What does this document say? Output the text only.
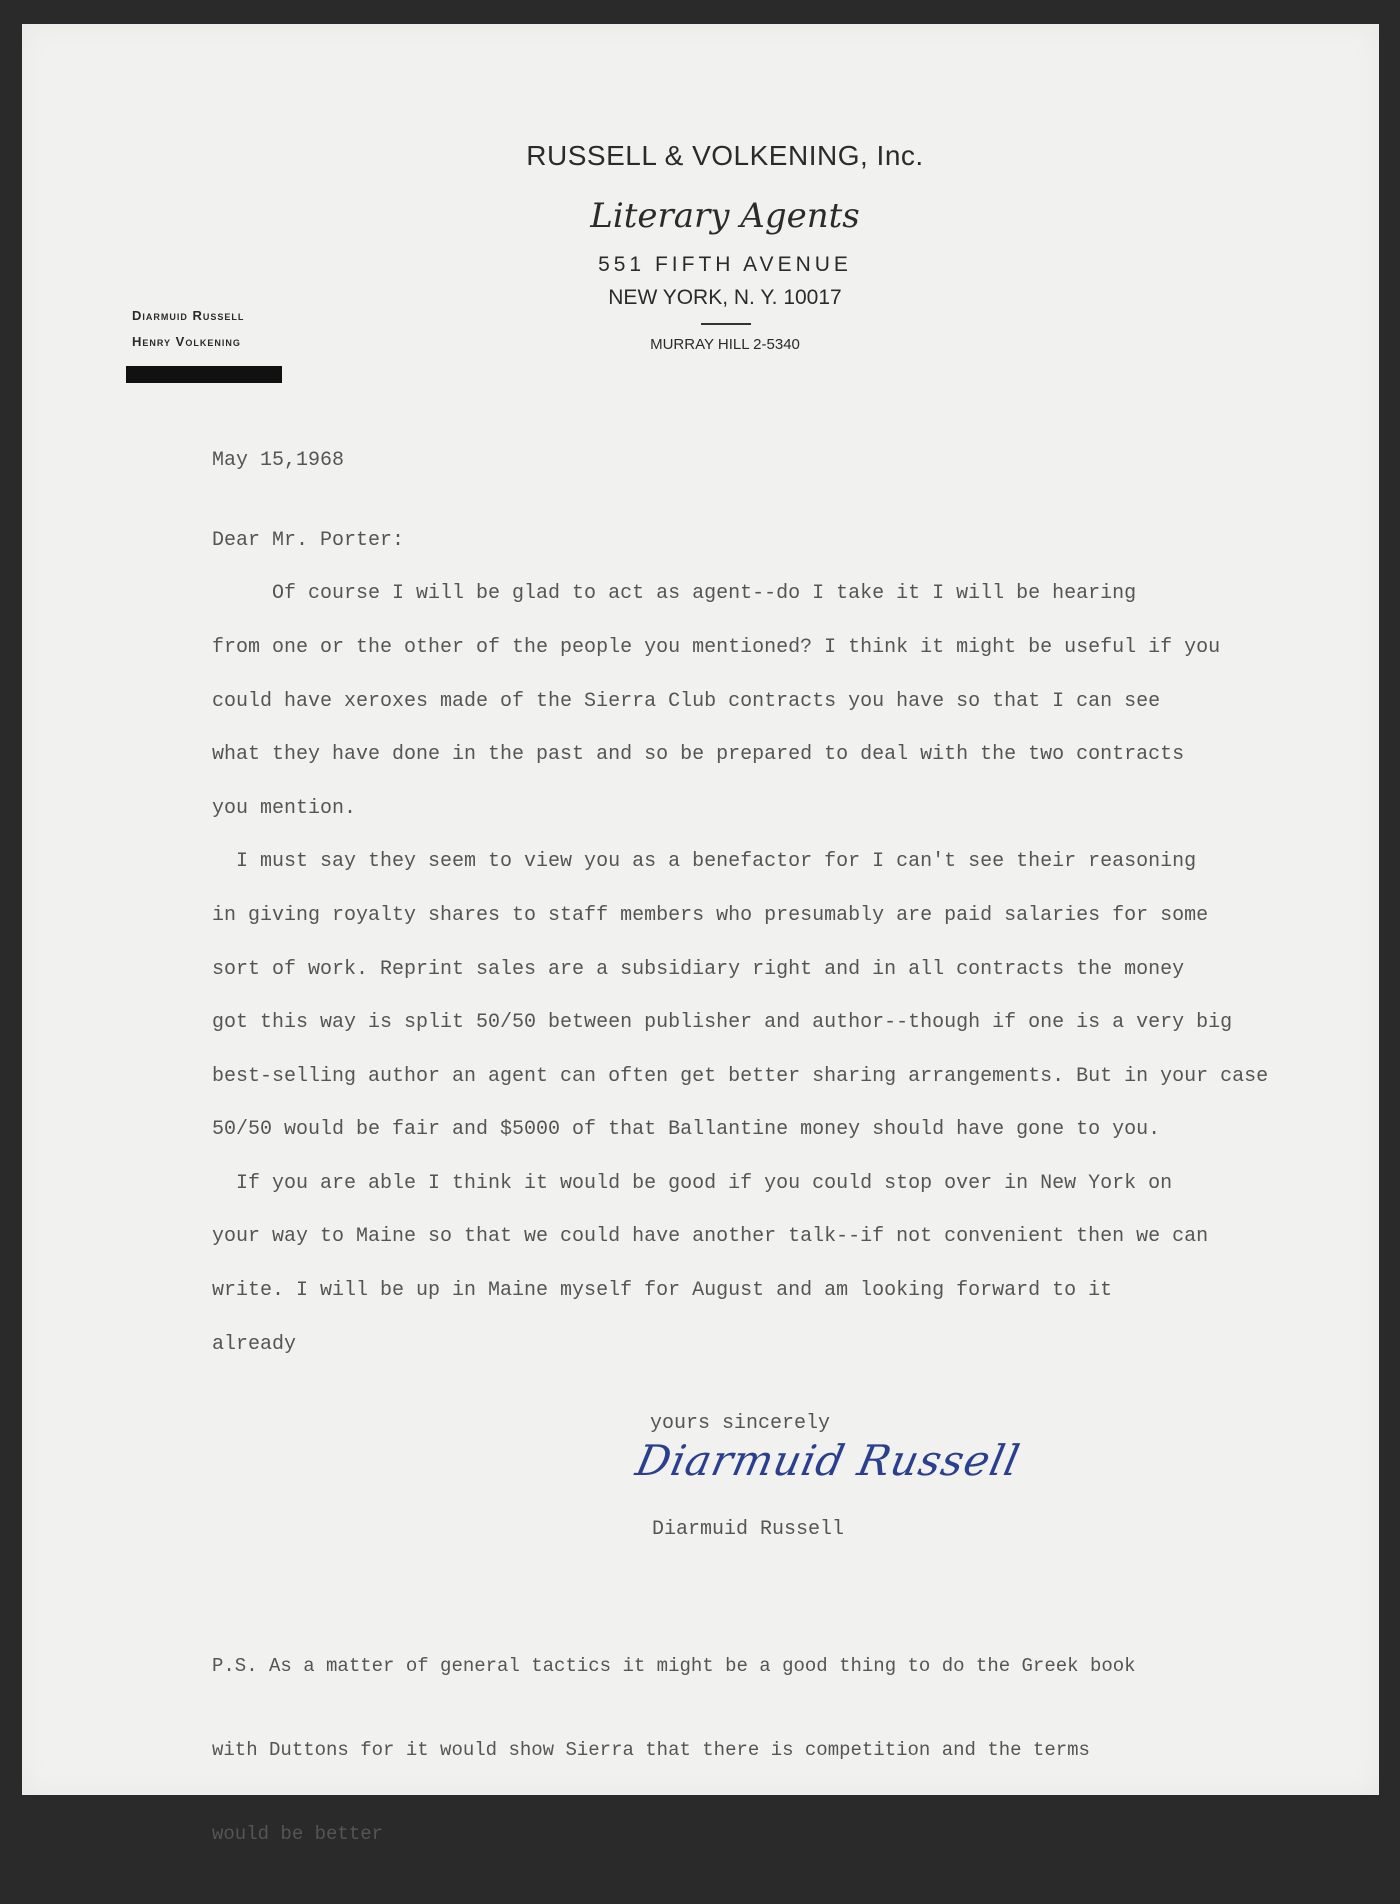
RUSSELL & VOLKENING, Inc.
Literary Agents
551 FIFTH AVENUE
NEW YORK, N. Y. 10017
MURRAY HILL 2-5340
Diarmuid Russell
Henry Volkening
May 15,1968
Dear Mr. Porter:
Of course I will be glad to act as agent--do I take it I will be hearing
from one or the other of the people you mentioned? I think it might be useful if you
could have xeroxes made of the Sierra Club contracts you have so that I can see
what they have done in the past and so be prepared to deal with the two contracts
you mention.
I must say they seem to view you as a benefactor for I can't see their reasoning
in giving royalty shares to staff members who presumably are paid salaries for some
sort of work. Reprint sales are a subsidiary right and in all contracts the money
got this way is split 50/50 between publisher and author--though if one is a very big
best-selling author an agent can often get better sharing arrangements. But in your case
50/50 would be fair and $5000 of that Ballantine money should have gone to you.
If you are able I think it would be good if you could stop over in New York on
your way to Maine so that we could have another talk--if not convenient then we can
write. I will be up in Maine myself for August and am looking forward to it
already
yours sincerely
Diarmuid Russell
Diarmuid Russell

P.S. As a matter of general tactics it might be a good thing to do the Greek book

with Duttons for it would show Sierra that there is competition and the terms

would be better
